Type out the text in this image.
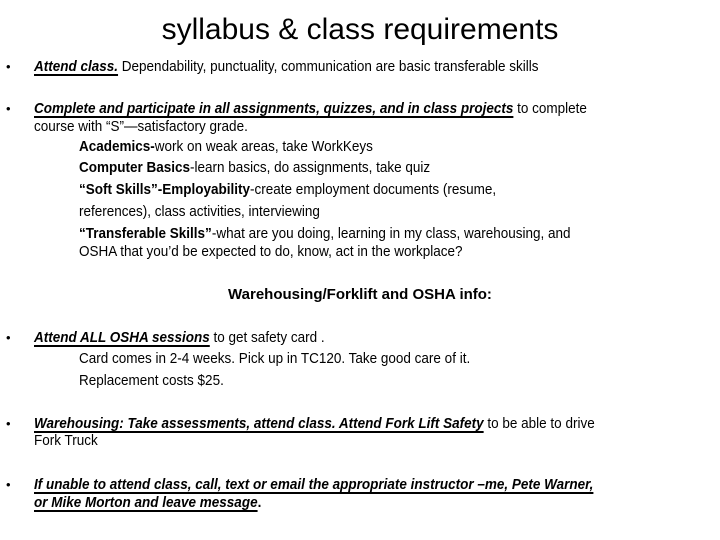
syllabus & class requirements
• Attend class. Dependability, punctuality, communication are basic transferable skills
• Complete and participate in all assignments, quizzes, and in class projects to complete
course with “S”—satisfactory grade.
Academics-work on weak areas, take WorkKeys
Computer Basics-learn basics, do assignments, take quiz
“Soft Skills”-Employability-create employment documents (resume,
references), class activities, interviewing
“Transferable Skills”-what are you doing, learning in my class, warehousing, and
OSHA that you’d be expected to do, know, act in the workplace?
Warehousing/Forklift and OSHA info:
• Attend ALL OSHA sessions to get safety card .
Card comes in 2-4 weeks. Pick up in TC120. Take good care of it.
Replacement costs $25.
• Warehousing: Take assessments, attend class. Attend Fork Lift Safety to be able to drive
Fork Truck
• If unable to attend class, call, text or email the appropriate instructor –me, Pete Warner,
or Mike Morton and leave message.
